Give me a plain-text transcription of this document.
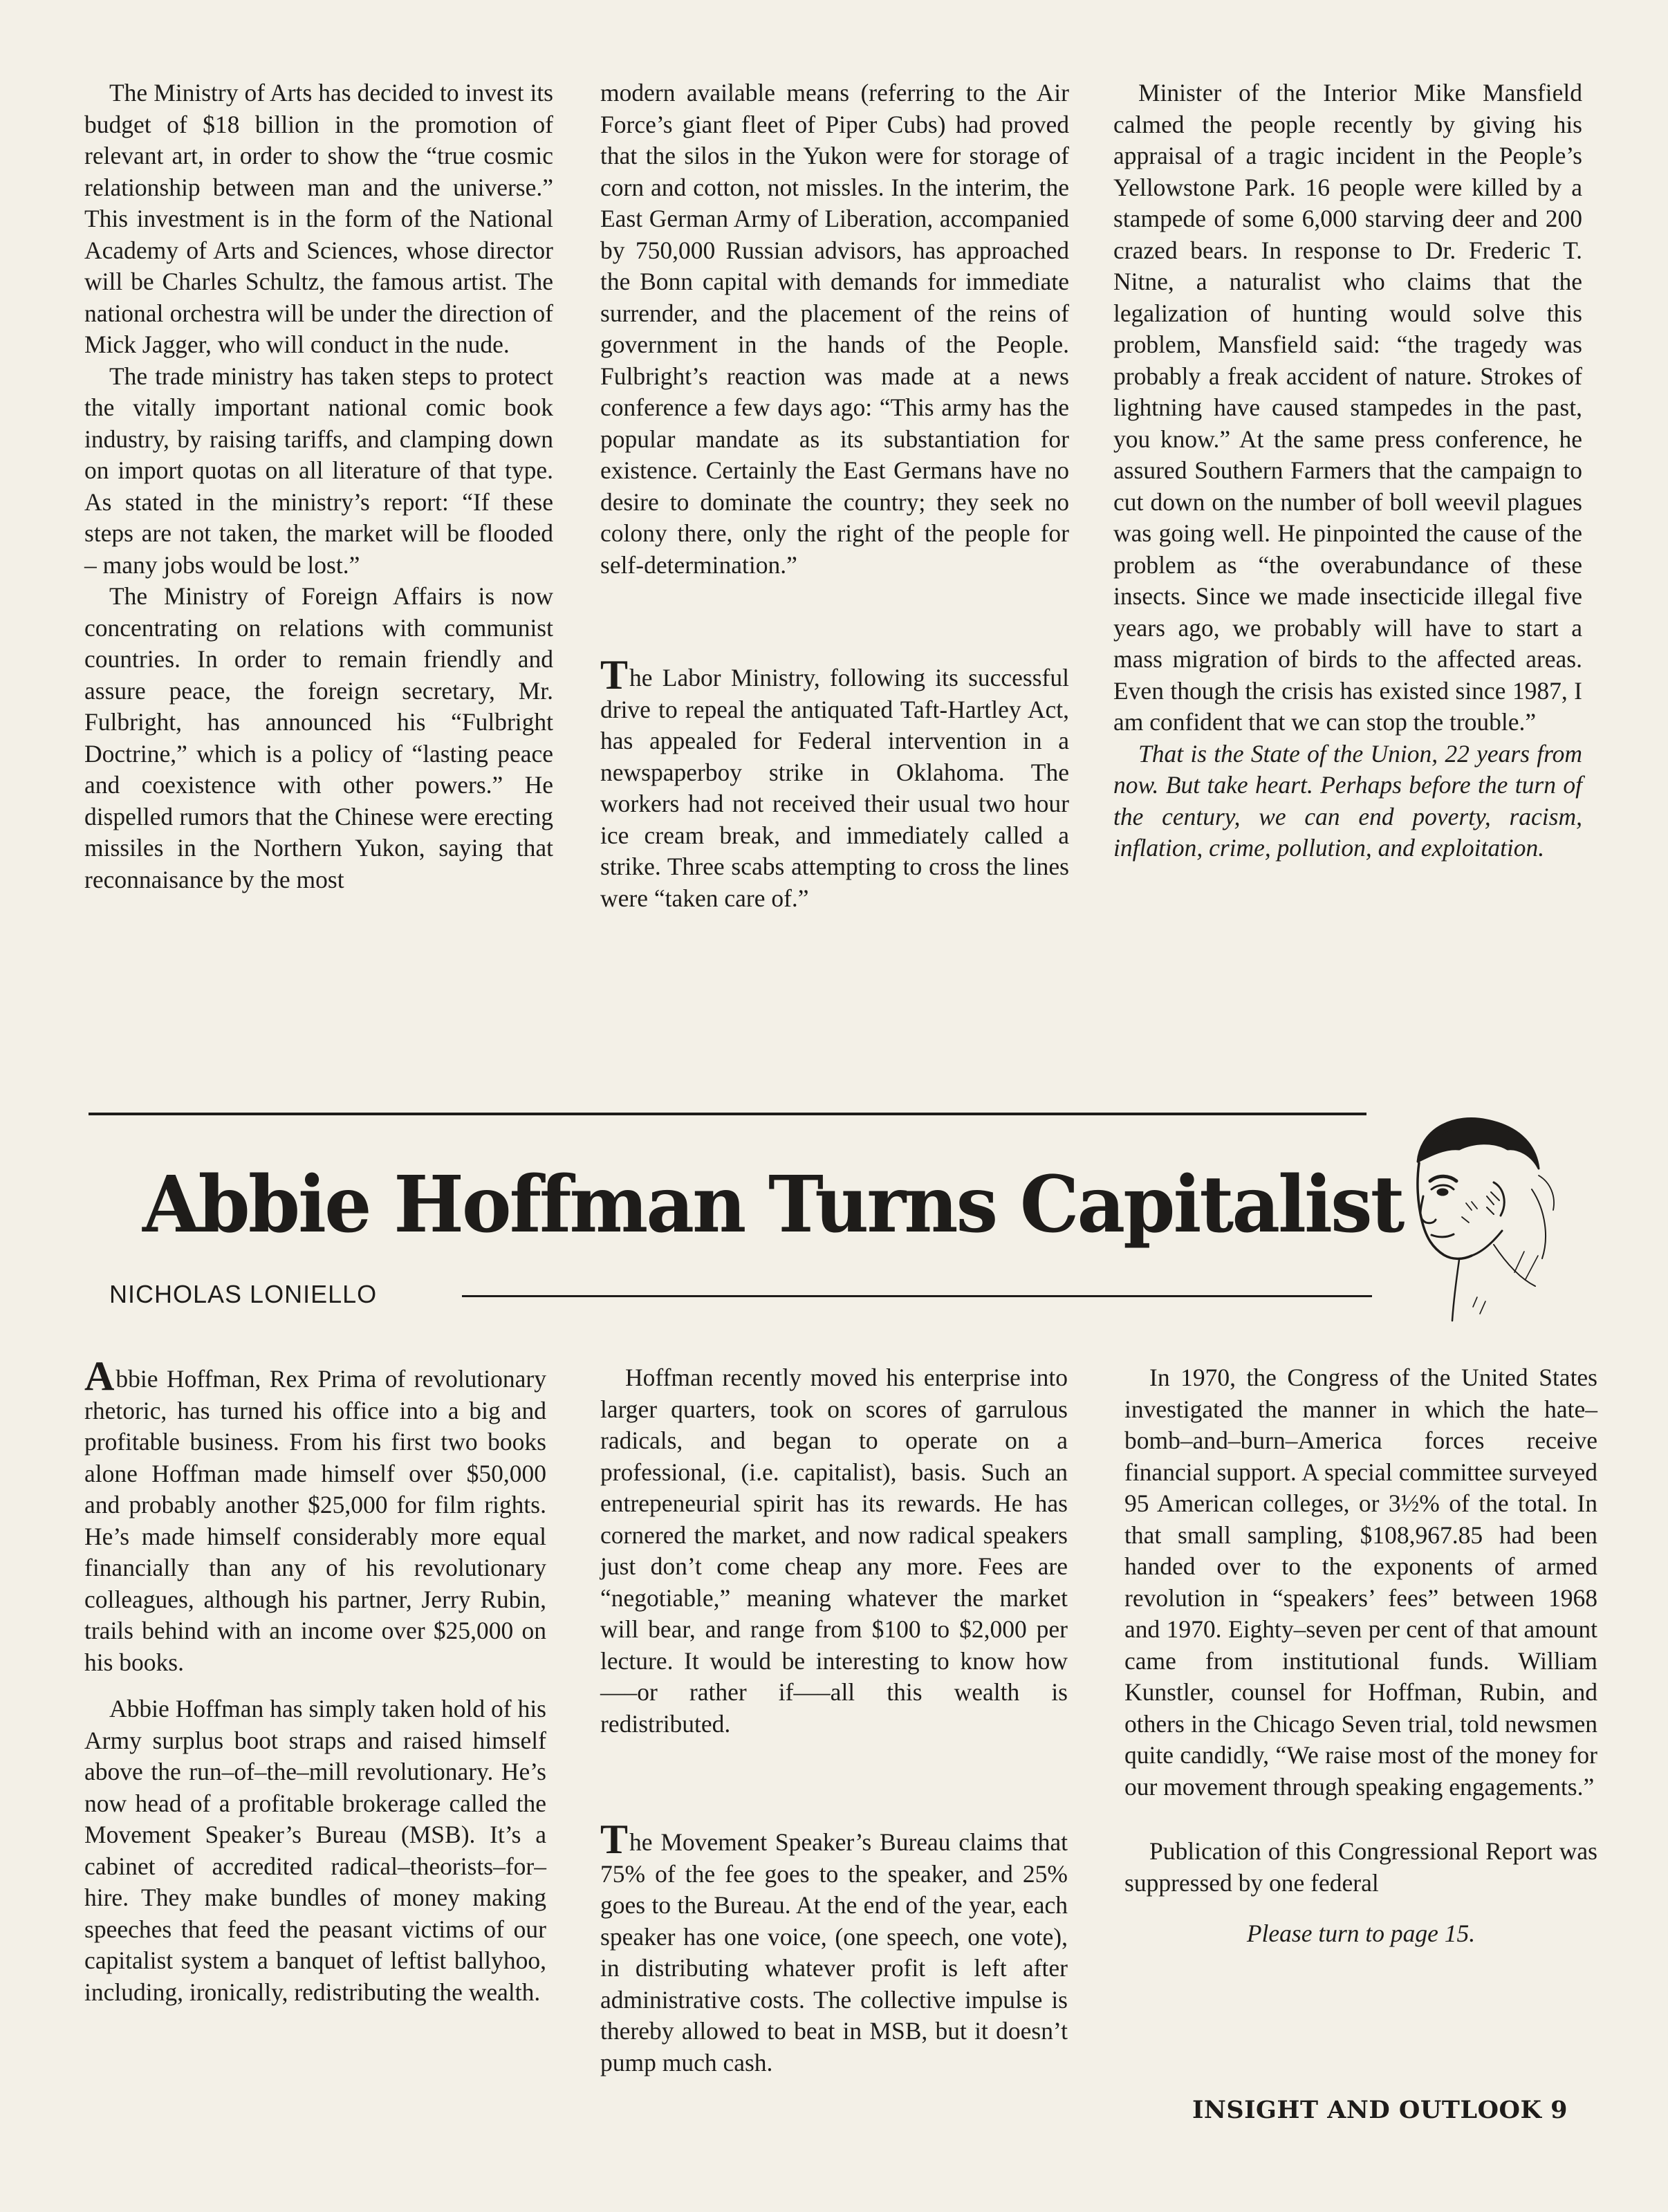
The Ministry of Arts has decided to invest its budget of $18 billion in the promotion of relevant art, in order to show the “true cosmic relationship between man and the universe.” This investment is in the form of the National Academy of Arts and Sciences, whose director will be Charles Schultz, the famous artist. The national orchestra will be under the direction of Mick Jagger, who will conduct in the nude.

The trade ministry has taken steps to protect the vitally important national comic book industry, by raising tariffs, and clamping down on import quotas on all literature of that type. As stated in the ministry’s report: “If these steps are not taken, the market will be flooded – many jobs would be lost.”

The Ministry of Foreign Affairs is now concentrating on relations with communist countries. In order to remain friendly and assure peace, the foreign secretary, Mr. Fulbright, has announced his “Fulbright Doctrine,” which is a policy of “lasting peace and coexistence with other powers.” He dispelled rumors that the Chinese were erecting missiles in the Northern Yukon, saying that reconnaisance by the most

modern available means (referring to the Air Force’s giant fleet of Piper Cubs) had proved that the silos in the Yukon were for storage of corn and cotton, not missles. In the interim, the East German Army of Liberation, accompanied by 750,000 Russian advisors, has approached the Bonn capital with demands for immediate surrender, and the placement of the reins of government in the hands of the People. Fulbright’s reaction was made at a news conference a few days ago: “This army has the popular mandate as its substantiation for existence. Certainly the East Germans have no desire to dominate the country; they seek no colony there, only the right of the people for self-determination.”

The Labor Ministry, following its successful drive to repeal the antiquated Taft-Hartley Act, has appealed for Federal intervention in a newspaperboy strike in Oklahoma. The workers had not received their usual two hour ice cream break, and immediately called a strike. Three scabs attempting to cross the lines were “taken care of.”

Minister of the Interior Mike Mansfield calmed the people recently by giving his appraisal of a tragic incident in the People’s Yellowstone Park. 16 people were killed by a stampede of some 6,000 starving deer and 200 crazed bears. In response to Dr. Frederic T. Nitne, a naturalist who claims that the legalization of hunting would solve this problem, Mansfield said: “the tragedy was probably a freak accident of nature. Strokes of lightning have caused stampedes in the past, you know.” At the same press conference, he assured Southern Farmers that the campaign to cut down on the number of boll weevil plagues was going well. He pinpointed the cause of the problem as “the overabundance of these insects. Since we made insecticide illegal five years ago, we probably will have to start a mass migration of birds to the affected areas. Even though the crisis has existed since 1987, I am confident that we can stop the trouble.”

That is the State of the Union, 22 years from now. But take heart. Perhaps before the turn of the century, we can end poverty, racism, inflation, crime, pollution, and exploitation.

Abbie Hoffman Turns Capitalist
NICHOLAS LONIELLO

Abbie Hoffman, Rex Prima of revolutionary rhetoric, has turned his office into a big and profitable business. From his first two books alone Hoffman made himself over $50,000 and probably another $25,000 for film rights. He’s made himself considerably more equal financially than any of his revolutionary colleagues, although his partner, Jerry Rubin, trails behind with an income over $25,000 on his books.

Abbie Hoffman has simply taken hold of his Army surplus boot straps and raised himself above the run–of–the–mill revolutionary. He’s now head of a profitable brokerage called the Movement Speaker’s Bureau (MSB). It’s a cabinet of accredited radical–theorists–for–hire. They make bundles of money making speeches that feed the peasant victims of our capitalist system a banquet of leftist ballyhoo, including, ironically, redistributing the wealth.

Hoffman recently moved his enterprise into larger quarters, took on scores of garrulous radicals, and began to operate on a professional, (i.e. capitalist), basis. Such an entrepeneurial spirit has its rewards. He has cornered the market, and now radical speakers just don’t come cheap any more. Fees are “negotiable,” meaning whatever the market will bear, and range from $100 to $2,000 per lecture. It would be interesting to know how—–or rather if—–all this wealth is redistributed.

The Movement Speaker’s Bureau claims that 75% of the fee goes to the speaker, and 25% goes to the Bureau. At the end of the year, each speaker has one voice, (one speech, one vote), in distributing whatever profit is left after administrative costs. The collective impulse is thereby allowed to beat in MSB, but it doesn’t pump much cash.

In 1970, the Congress of the United States investigated the manner in which the hate–bomb–and–burn–America forces receive financial support. A special committee surveyed 95 American colleges, or 3½% of the total. In that small sampling, $108,967.85 had been handed over to the exponents of armed revolution in “speakers’ fees” between 1968 and 1970. Eighty–seven per cent of that amount came from institutional funds. William Kunstler, counsel for Hoffman, Rubin, and others in the Chicago Seven trial, told newsmen quite candidly, “We raise most of the money for our movement through speaking engagements.”

Publication of this Congressional Report was suppressed by one federal

Please turn to page 15.

INSIGHT AND OUTLOOK 9
